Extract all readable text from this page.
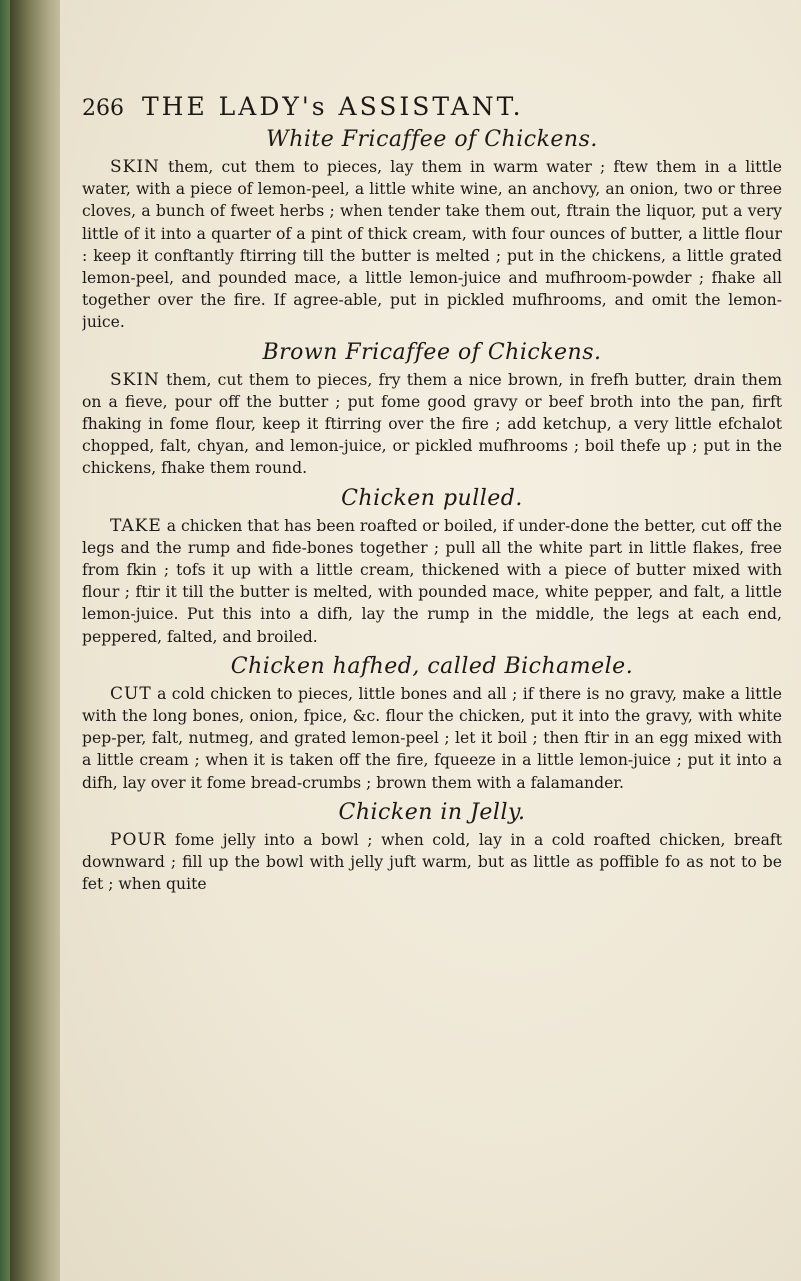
266 THE LADY's ASSISTANT.
White Fricaffee of Chickens.

SKIN them, cut them to pieces, lay them in warm water ; ftew them in a little water, with a piece of lemon-peel, a little white wine, an anchovy, an onion, two or three cloves, a bunch of fweet herbs ; when tender take them out, ftrain the liquor, put a very little of it into a quarter of a pint of thick cream, with four ounces of butter, a little flour : keep it conftantly ftirring till the butter is melted ; put in the chickens, a little grated lemon-peel, and pounded mace, a little lemon-juice and mufhroom-powder ; fhake all together over the fire. If agree-able, put in pickled mufhrooms, and omit the lemon-juice.

Brown Fricaffee of Chickens.

SKIN them, cut them to pieces, fry them a nice brown, in frefh butter, drain them on a fieve, pour off the butter ; put fome good gravy or beef broth into the pan, firft fhaking in fome flour, keep it ftirring over the fire ; add ketchup, a very little efchalot chopped, falt, chyan, and lemon-juice, or pickled mufhrooms ; boil thefe up ; put in the chickens, fhake them round.

Chicken pulled.

TAKE a chicken that has been roafted or boiled, if under-done the better, cut off the legs and the rump and fide-bones together ; pull all the white part in little flakes, free from fkin ; tofs it up with a little cream, thickened with a piece of butter mixed with flour ; ftir it till the butter is melted, with pounded mace, white pepper, and falt, a little lemon-juice. Put this into a difh, lay the rump in the middle, the legs at each end, peppered, falted, and broiled.

Chicken hafhed, called Bichamele.

CUT a cold chicken to pieces, little bones and all ; if there is no gravy, make a little with the long bones, onion, fpice, &c. flour the chicken, put it into the gravy, with white pep-per, falt, nutmeg, and grated lemon-peel ; let it boil ; then ftir in an egg mixed with a little cream ; when it is taken off the fire, fqueeze in a little lemon-juice ; put it into a difh, lay over it fome bread-crumbs ; brown them with a falamander.

Chicken in Jelly.

POUR fome jelly into a bowl ; when cold, lay in a cold roafted chicken, breaft downward ; fill up the bowl with jelly juft warm, but as little as poffible fo as not to be fet ; when quite
